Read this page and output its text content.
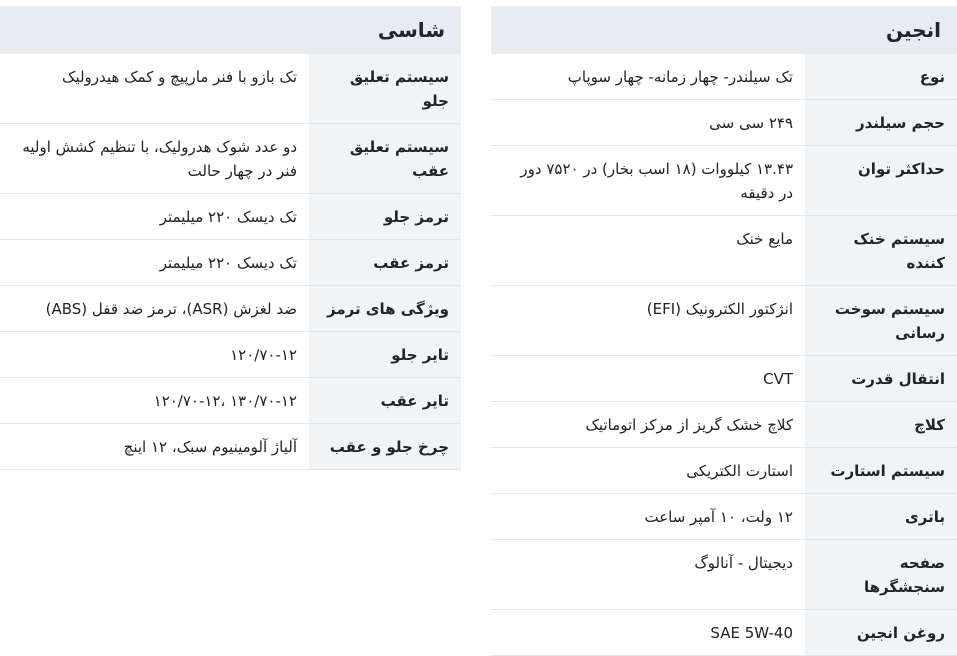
انجین
نوع	تک سیلندر- چهار زمانه- چهار سوپاپ
حجم سیلندر	۲۴۹ سی سی
حداکثر توان	۱۳.۴۳ کیلووات (۱۸ اسب بخار) در ۷۵۲۰ دور در دقیقه
سیستم خنک کننده	مایع خنک
سیستم سوخت رسانی	انژکتور الکترونیک (EFI)
انتقال قدرت	CVT
کلاچ	کلاچ خشک گریز از مرکز اتوماتیک
سیستم استارت	استارت الکتریکی
باتری	۱۲ ولت، ۱۰ آمپر ساعت
صفحه سنجشگرها	دیجیتال - آنالوگ
روغن انجین	SAE 5W-40
شاسی
سیستم تعلیق جلو	تک بازو با فنر مارپیچ و کمک هیدرولیک
سیستم تعلیق عقب	دو عدد شوک هدرولیک، با تنظیم کشش اولیه فنر در چهار حالت
ترمز جلو	تک دیسک ۲۲۰ میلیمتر
ترمز عقب	تک دیسک ۲۲۰ میلیمتر
ویژگی های ترمز	ضد لغزش (ASR)، ترمز ضد قفل (ABS)
تایر جلو	۱۲۰/۷۰-۱۲
تایر عقب	۱۳۰/۷۰-۱۲ ،۱۲۰/۷۰-۱۲
چرخ جلو و عقب	آلیاژ آلومینیوم سبک، ۱۲ اینچ
